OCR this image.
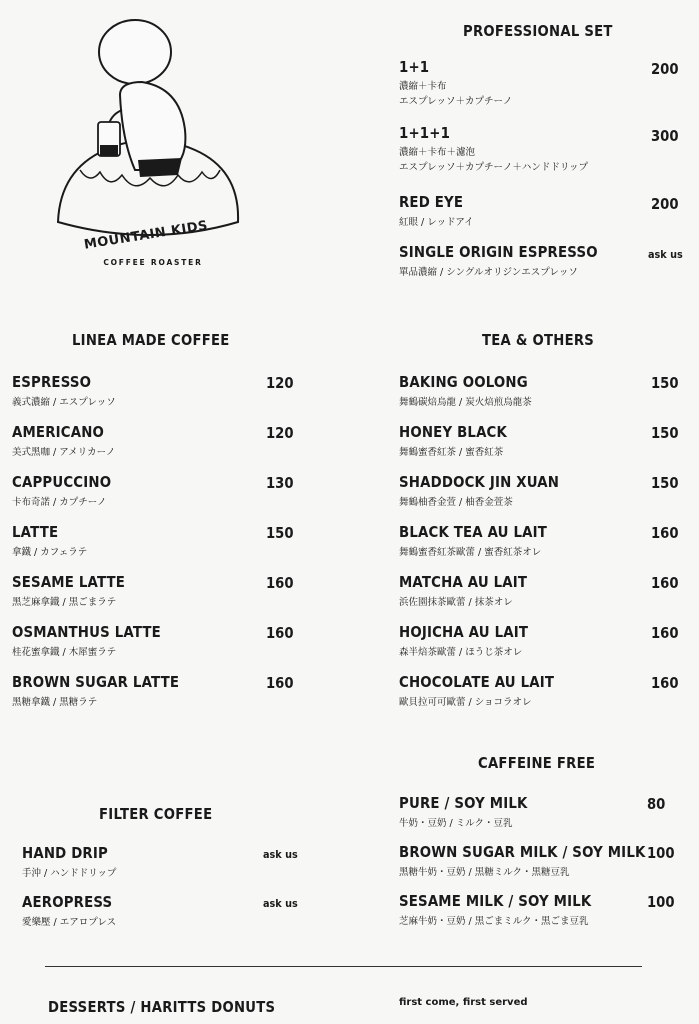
MOUNTAIN KIDS
COFFEE ROASTER
PROFESSIONAL SET
1+1
濃縮＋卡布
エスプレッソ＋カプチーノ
200
1+1+1
濃縮＋卡布＋濾泡
エスプレッソ＋カプチーノ＋ハンドドリップ
300
RED EYE
紅眼 / レッドアイ
200
SINGLE ORIGIN ESPRESSO
單品濃縮 / シングルオリジンエスプレッソ
ask us
LINEA MADE COFFEE
ESPRESSO
義式濃縮 / エスプレッソ
120
AMERICANO
美式黑咖 / アメリカーノ
120
CAPPUCCINO
卡布奇諾 / カプチーノ
130
LATTE
拿鐵 / カフェラテ
150
SESAME LATTE
黑芝麻拿鐵 / 黒ごまラテ
160
OSMANTHUS LATTE
桂花蜜拿鐵 / 木犀蜜ラテ
160
BROWN SUGAR LATTE
黑糖拿鐵 / 黒糖ラテ
160
TEA & OTHERS
BAKING OOLONG
舞鶴碳焙烏龍 / 炭火焙煎烏龍茶
150
HONEY BLACK
舞鶴蜜香紅茶 / 蜜香紅茶
150
SHADDOCK JIN XUAN
舞鶴柚香金萱 / 柚香金萱茶
150
BLACK TEA AU LAIT
舞鶴蜜香紅茶歐蕾 / 蜜香紅茶オレ
160
MATCHA AU LAIT
浜佐園抹茶歐蕾 / 抹茶オレ
160
HOJICHA AU LAIT
森半焙茶歐蕾 / ほうじ茶オレ
160
CHOCOLATE AU LAIT
歐貝拉可可歐蕾 / ショコラオレ
160
FILTER COFFEE
HAND DRIP
手沖 / ハンドドリップ
ask us
AEROPRESS
愛樂壓 / エアロプレス
ask us
CAFFEINE FREE
PURE / SOY MILK
牛奶・豆奶 / ミルク・豆乳
80
BROWN SUGAR MILK / SOY MILK
黑糖牛奶・豆奶 / 黒糖ミルク・黒糖豆乳
100
SESAME MILK / SOY MILK
芝麻牛奶・豆奶 / 黒ごまミルク・黒ごま豆乳
100
DESSERTS / HARITTS DONUTS	first come, first served
